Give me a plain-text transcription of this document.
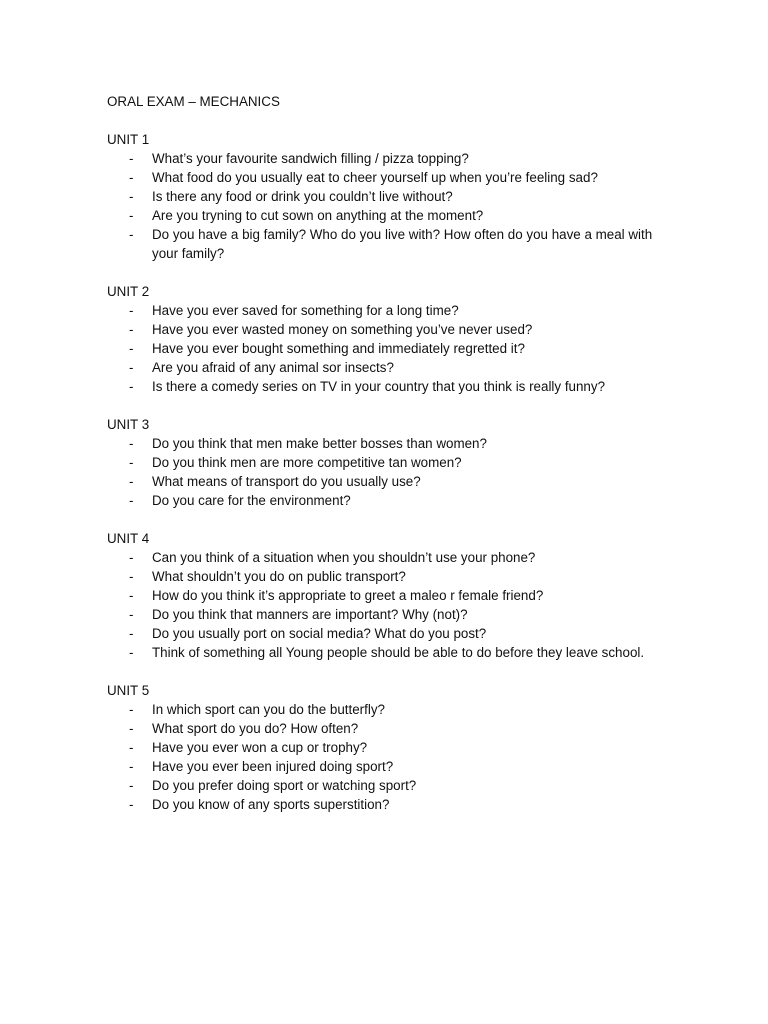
ORAL EXAM – MECHANICS
UNIT 1
- What’s your favourite sandwich filling / pizza topping?
- What food do you usually eat to cheer yourself up when you’re feeling sad?
- Is there any food or drink you couldn’t live without?
- Are you tryning to cut sown on anything at the moment?
- Do you have a big family? Who do you live with? How often do you have a meal with your family?
UNIT 2
- Have you ever saved for something for a long time?
- Have you ever wasted money on something you’ve never used?
- Have you ever bought something and immediately regretted it?
- Are you afraid of any animal sor insects?
- Is there a comedy series on TV in your country that you think is really funny?
UNIT 3
- Do you think that men make better bosses than women?
- Do you think men are more competitive tan women?
- What means of transport do you usually use?
- Do you care for the environment?
UNIT 4
- Can you think of a situation when you shouldn’t use your phone?
- What shouldn’t you do on public transport?
- How do you think it’s appropriate to greet a maleo r female friend?
- Do you think that manners are important? Why (not)?
- Do you usually port on social media? What do you post?
- Think of something all Young people should be able to do before they leave school.
UNIT 5
- In which sport can you do the butterfly?
- What sport do you do? How often?
- Have you ever won a cup or trophy?
- Have you ever been injured doing sport?
- Do you prefer doing sport or watching sport?
- Do you know of any sports superstition?
